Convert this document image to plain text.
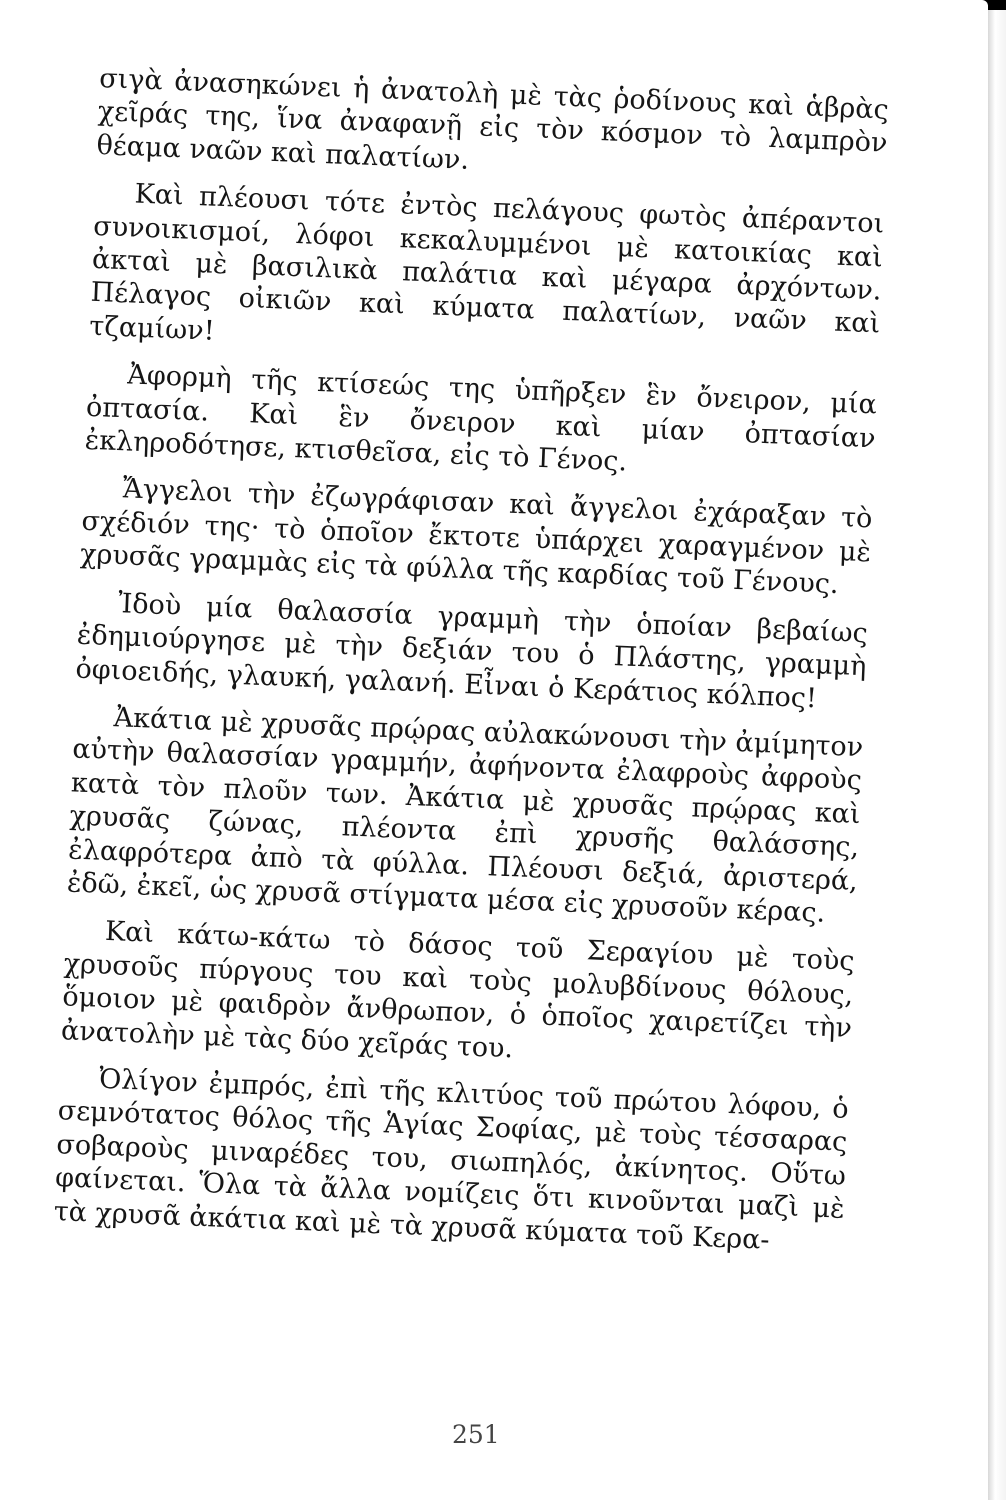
σιγὰ ἀνασηκώνει ἡ ἀνατολὴ μὲ τὰς ῥοδίνους καὶ ἁβρὰς χεῖράς της, ἵνα ἀναφανῇ εἰς τὸν κόσμον τὸ λαμπρὸν θέαμα ναῶν καὶ παλατίων.

Καὶ πλέουσι τότε ἐντὸς πελάγους φωτὸς ἀπέραντοι συνοικισμοί, λόφοι κεκαλυμμένοι μὲ κατοικίας καὶ ἀκταὶ μὲ βασιλικὰ παλάτια καὶ μέγαρα ἀρχόντων. Πέλαγος οἰκιῶν καὶ κύματα παλατίων, ναῶν καὶ τζαμίων!

Ἀφορμὴ τῆς κτίσεώς της ὑπῆρξεν ἓν ὄνειρον, μία ὀπτασία. Καὶ ἓν ὄνειρον καὶ μίαν ὀπτασίαν ἐκληροδότησε, κτισθεῖσα, εἰς τὸ Γένος.

Ἄγγελοι τὴν ἐζωγράφισαν καὶ ἄγγελοι ἐχάραξαν τὸ σχέδιόν της· τὸ ὁποῖον ἔκτοτε ὑπάρχει χαραγμένον μὲ χρυσᾶς γραμμὰς εἰς τὰ φύλλα τῆς καρδίας τοῦ Γένους.

Ἰδοὺ μία θαλασσία γραμμὴ τὴν ὁποίαν βεβαίως ἐδημιούργησε μὲ τὴν δεξιάν του ὁ Πλάστης, γραμμὴ ὀφιοειδής, γλαυκή, γαλανή. Εἶναι ὁ Κεράτιος κόλπος!

Ἀκάτια μὲ χρυσᾶς πρῴρας αὐλακώνουσι τὴν ἀμίμητον αὐτὴν θαλασσίαν γραμμήν, ἀφήνοντα ἐλαφροὺς ἀφροὺς κατὰ τὸν πλοῦν των. Ἀκάτια μὲ χρυσᾶς πρῴρας καὶ χρυσᾶς ζώνας, πλέοντα ἐπὶ χρυσῆς θαλάσσης, ἐλαφρότερα ἀπὸ τὰ φύλλα. Πλέουσι δεξιά, ἀριστερά, ἐδῶ, ἐκεῖ, ὡς χρυσᾶ στίγματα μέσα εἰς χρυσοῦν κέρας.

Καὶ κάτω-κάτω τὸ δάσος τοῦ Σεραγίου μὲ τοὺς χρυσοῦς πύργους του καὶ τοὺς μολυβδίνους θόλους, ὅμοιον μὲ φαιδρὸν ἄνθρωπον, ὁ ὁποῖος χαιρετίζει τὴν ἀνατολὴν μὲ τὰς δύο χεῖράς του.

Ὀλίγον ἐμπρός, ἐπὶ τῆς κλιτύος τοῦ πρώτου λόφου, ὁ σεμνότατος θόλος τῆς Ἁγίας Σοφίας, μὲ τοὺς τέσσαρας σοβαροὺς μιναρέδες του, σιωπηλός, ἀκίνητος. Οὕτω φαίνεται. Ὅλα τὰ ἄλλα νομίζεις ὅτι κινοῦνται μαζὶ μὲ τὰ χρυσᾶ ἀκάτια καὶ μὲ τὰ χρυσᾶ κύματα τοῦ Κερα-

251
